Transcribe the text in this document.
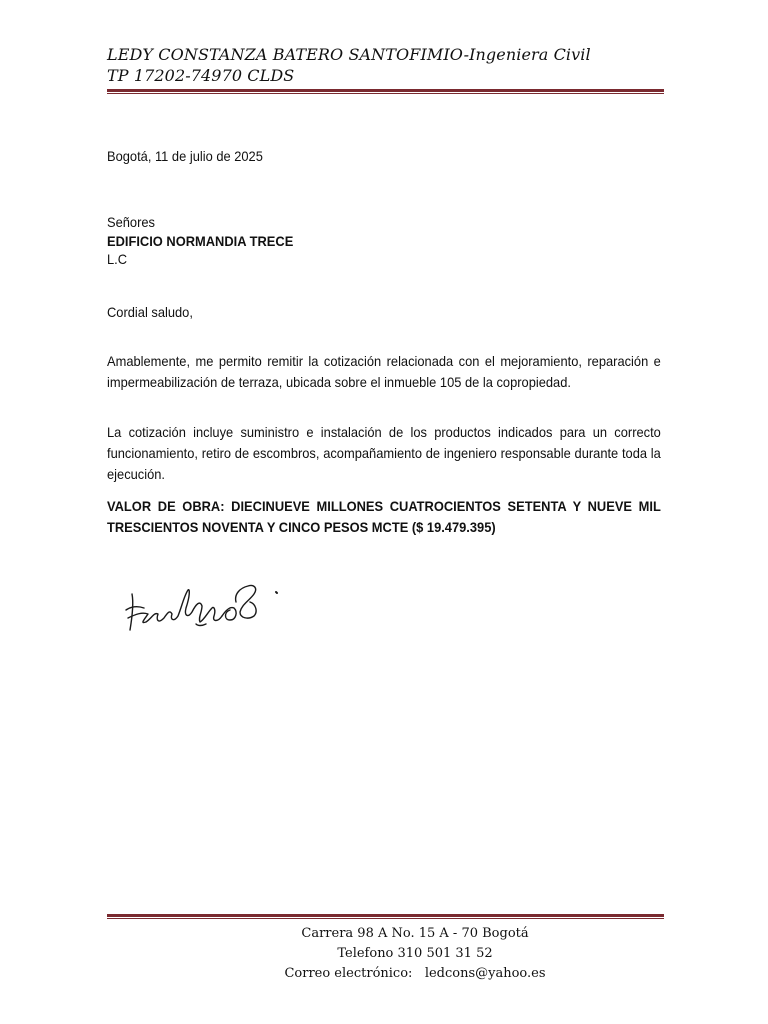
LEDY CONSTANZA BATERO SANTOFIMIO-Ingeniera Civil
TP 17202-74970 CLDS
Bogotá, 11 de julio de 2025
Señores
EDIFICIO NORMANDIA TRECE
L.C
Cordial saludo,
Amablemente, me permito remitir la cotización relacionada con el mejoramiento, reparación e impermeabilización de terraza, ubicada sobre el inmueble 105 de la copropiedad.
La cotización incluye suministro e instalación de los productos indicados para un correcto funcionamiento, retiro de escombros, acompañamiento de ingeniero responsable durante toda la ejecución.
VALOR DE OBRA: DIECINUEVE MILLONES CUATROCIENTOS SETENTA Y NUEVE MIL TRESCIENTOS NOVENTA Y CINCO PESOS MCTE ($ 19.479.395)
Carrera 98 A No. 15 A - 70 Bogotá
Telefono 310 501 31 52
Correo electrónico:   ledcons@yahoo.es
